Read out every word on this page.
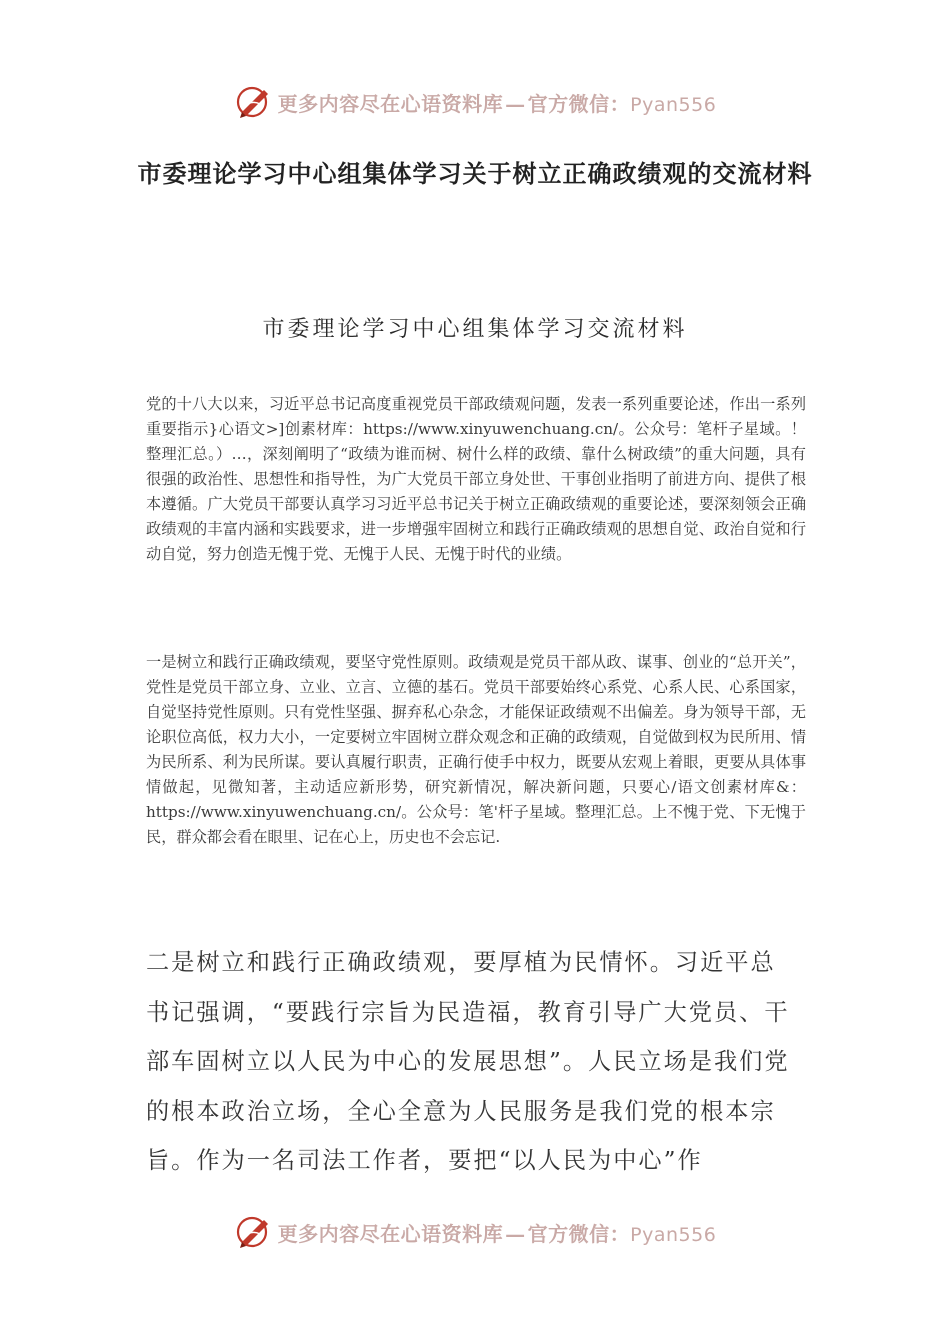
更多内容尽在心语资料库 — 官方微信：Pyan556
市委理论学习中心组集体学习关于树立正确政绩观的交流材料
市委理论学习中心组集体学习交流材料
党的十八大以来，习近平总书记高度重视党员干部政绩观问题，发表一系列重要论述，作出一系列重要指示}心语文>]创素材库：https://www.xinyuwenchuang.cn/。公众号：笔杆子星域。！整理汇总。）…，深刻阐明了“政绩为谁而树、树什么样的政绩、靠什么树政绩”的重大问题，具有很强的政治性、思想性和指导性，为广大党员干部立身处世、干事创业指明了前进方向、提供了根本遵循。广大党员干部要认真学习习近平总书记关于树立正确政绩观的重要论述，要深刻领会正确政绩观的丰富内涵和实践要求，进一步增强牢固树立和践行正确政绩观的思想自觉、政治自觉和行动自觉，努力创造无愧于党、无愧于人民、无愧于时代的业绩。
一是树立和践行正确政绩观，要坚守党性原则。政绩观是党员干部从政、谋事、创业的“总开关”，党性是党员干部立身、立业、立言、立德的基石。党员干部要始终心系党、心系人民、心系国家，自觉坚持党性原则。只有党性坚强、摒弃私心杂念，才能保证政绩观不出偏差。身为领导干部，无论职位高低，权力大小，一定要树立牢固树立群众观念和正确的政绩观，自觉做到权为民所用、情为民所系、利为民所谋。要认真履行职责，正确行使手中权力，既要从宏观上着眼，更要从具体事情做起，见微知著，主动适应新形势，研究新情况，解决新问题，只要心/语文创素材库&：https://www.xinyuwenchuang.cn/。公众号：笔'杆子星域。整理汇总。上不愧于党、下无愧于民，群众都会看在眼里、记在心上，历史也不会忘记.
二是树立和践行正确政绩观，要厚植为民情怀。习近平总书记强调，“要践行宗旨为民造福，教育引导广大党员、干部车固树立以人民为中心的发展思想”。人民立场是我们党的根本政治立场，全心全意为人民服务是我们党的根本宗旨。作为一名司法工作者，要把“以人民为中心”作
更多内容尽在心语资料库 — 官方微信：Pyan556
